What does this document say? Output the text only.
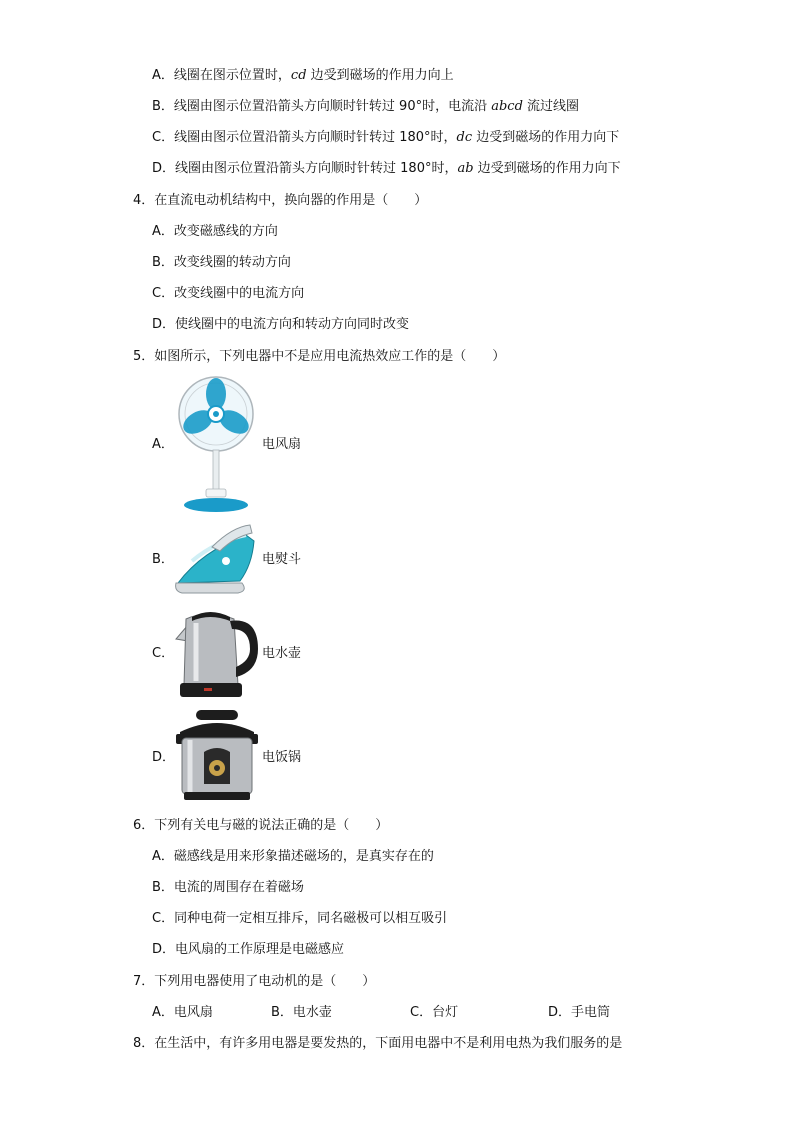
A．线圈在图示位置时，cd 边受到磁场的作用力向上
B．线圈由图示位置沿箭头方向顺时针转过 90°时，电流沿 abcd 流过线圈
C．线圈由图示位置沿箭头方向顺时针转过 180°时，dc 边受到磁场的作用力向下
D．线圈由图示位置沿箭头方向顺时针转过 180°时，ab 边受到磁场的作用力向下
4．在直流电动机结构中，换向器的作用是（　　）
A．改变磁感线的方向
B．改变线圈的转动方向
C．改变线圈中的电流方向
D．使线圈中的电流方向和转动方向同时改变
5．如图所示，下列电器中不是应用电流热效应工作的是（　　）
A．	电风扇
B．	电熨斗
C．	电水壶
D．	电饭锅
6．下列有关电与磁的说法正确的是（　　）
A．磁感线是用来形象描述磁场的，是真实存在的
B．电流的周围存在着磁场
C．同种电荷一定相互排斥，同名磁极可以相互吸引
D．电风扇的工作原理是电磁感应
7．下列用电器使用了电动机的是（　　）
A．电风扇	B．电水壶	C．台灯	D．手电筒
8．在生活中，有许多用电器是要发热的，下面用电器中不是利用电热为我们服务的是
